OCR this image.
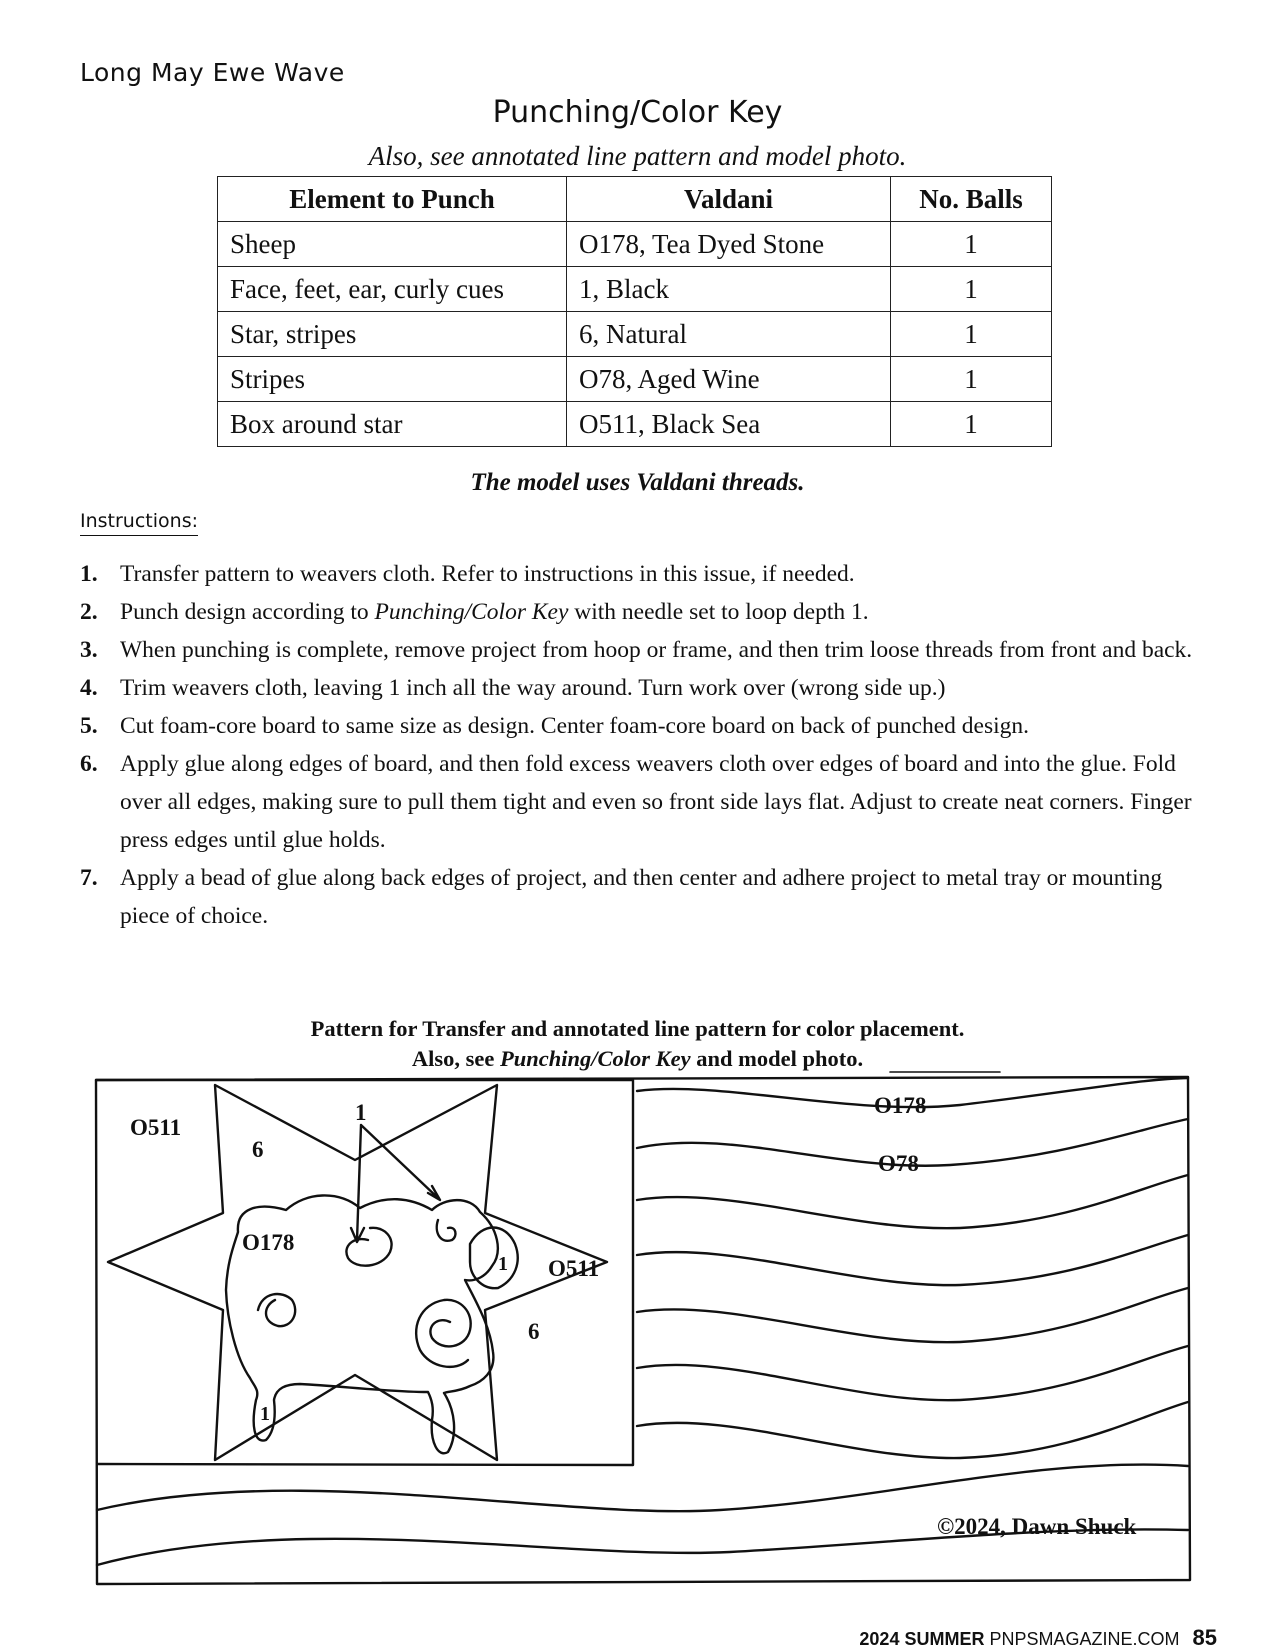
Long May Ewe Wave
Punching/Color Key
Also, see annotated line pattern and model photo.
Element to Punch	Valdani	No. Balls
Sheep	O178, Tea Dyed Stone	1
Face, feet, ear, curly cues	1, Black	1
Star, stripes	6, Natural	1
Stripes	O78, Aged Wine	1
Box around star	O511, Black Sea	1
The model uses Valdani threads.
Instructions:
1. Transfer pattern to weavers cloth. Refer to instructions in this issue, if needed.
2. Punch design according to Punching/Color Key with needle set to loop depth 1.
3. When punching is complete, remove project from hoop or frame, and then trim loose threads from front and back.
4. Trim weavers cloth, leaving 1 inch all the way around. Turn work over (wrong side up.)
5. Cut foam-core board to same size as design. Center foam-core board on back of punched design.
6. Apply glue along edges of board, and then fold excess weavers cloth over edges of board and into the glue. Fold over all edges, making sure to pull them tight and even so front side lays flat. Adjust to create neat corners. Finger press edges until glue holds.
7. Apply a bead of glue along back edges of project, and then center and adhere project to metal tray or mounting piece of choice.
Pattern for Transfer and annotated line pattern for color placement.
Also, see Punching/Color Key and model photo.
O511
6
1
O178
1 O511
6
1
O178
O78
©2024, Dawn Shuck
2024 SUMMER PNPSMAGAZINE.COM 85
